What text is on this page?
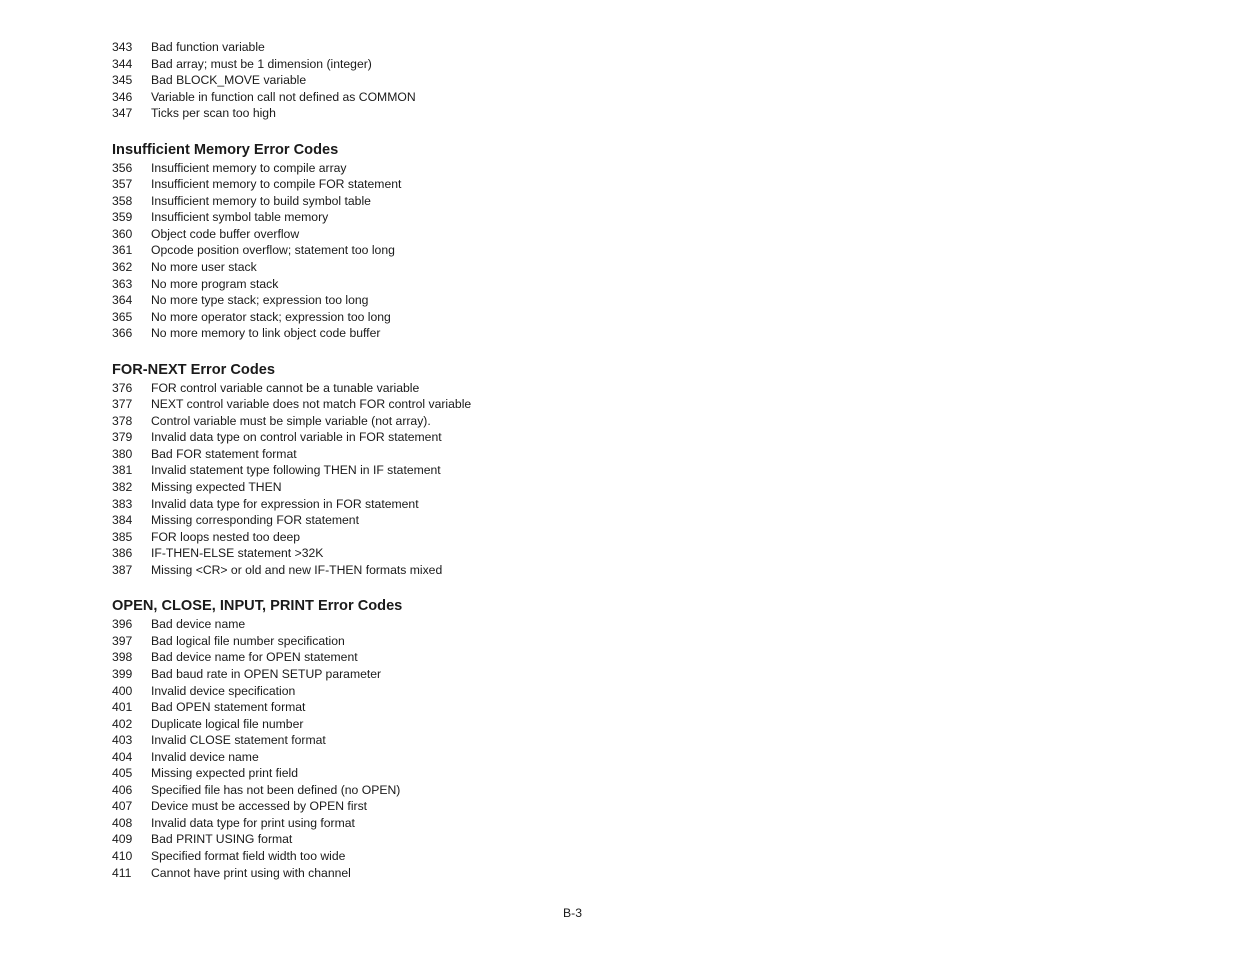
343	Bad function variable
344	Bad array; must be 1 dimension (integer)
345	Bad BLOCK_MOVE variable
346	Variable in function call not defined as COMMON
347	Ticks per scan too high
Insufficient Memory Error Codes
356	Insufficient memory to compile array
357	Insufficient memory to compile FOR statement
358	Insufficient memory to build symbol table
359	Insufficient symbol table memory
360	Object code buffer overflow
361	Opcode position overflow; statement too long
362	No more user stack
363	No more program stack
364	No more type stack; expression too long
365	No more operator stack; expression too long
366	No more memory to link object code buffer
FOR-NEXT Error Codes
376	FOR control variable cannot be a tunable variable
377	NEXT control variable does not match FOR control variable
378	Control variable must be simple variable (not array).
379	Invalid data type on control variable in FOR statement
380	Bad FOR statement format
381	Invalid statement type following THEN in IF statement
382	Missing expected THEN
383	Invalid data type for expression in FOR statement
384	Missing corresponding FOR statement
385	FOR loops nested too deep
386	IF-THEN-ELSE statement >32K
387	Missing <CR> or old and new IF-THEN formats mixed
OPEN, CLOSE, INPUT, PRINT Error Codes
396	Bad device name
397	Bad logical file number specification
398	Bad device name for OPEN statement
399	Bad baud rate in OPEN SETUP parameter
400	Invalid device specification
401	Bad OPEN statement format
402	Duplicate logical file number
403	Invalid CLOSE statement format
404	Invalid device name
405	Missing expected print field
406	Specified file has not been defined (no OPEN)
407	Device must be accessed by OPEN first
408	Invalid data type for print using format
409	Bad PRINT USING format
410	Specified format field width too wide
411	Cannot have print using with channel
B-3
